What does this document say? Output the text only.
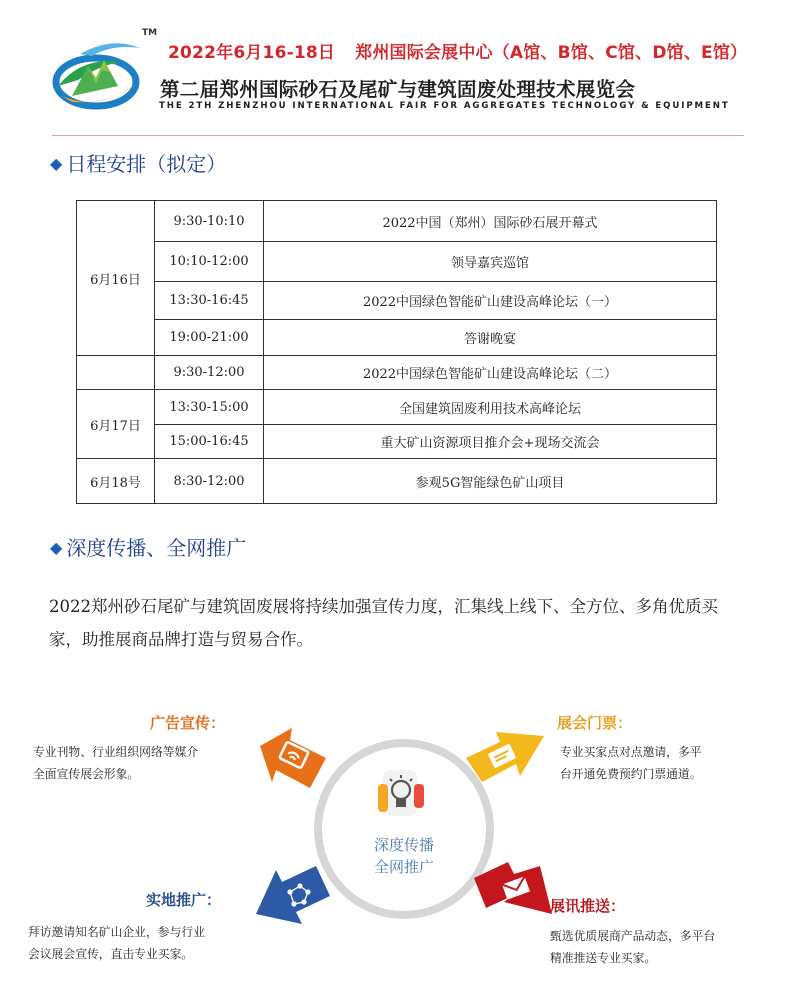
TM
2022年6月16-18日 郑州国际会展中心（A馆、B馆、C馆、D馆、E馆）
第二届郑州国际砂石及尾矿与建筑固废处理技术展览会
THE 2TH ZHENZHOU INTERNATIONAL FAIR FOR AGGREGATES TECHNOLOGY & EQUIPMENT
◆ 日程安排（拟定）
6月16日	9:30-10:10	2022中国（郑州）国际砂石展开幕式
	10:10-12:00	领导嘉宾巡馆
	13:30-16:45	2022中国绿色智能矿山建设高峰论坛（一）
	19:00-21:00	答谢晚宴
	9:30-12:00	2022中国绿色智能矿山建设高峰论坛（二）
6月17日	13:30-15:00	全国建筑固废利用技术高峰论坛
	15:00-16:45	重大矿山资源项目推介会+现场交流会
6月18号	8:30-12:00	参观5G智能绿色矿山项目
◆ 深度传播、全网推广
2022郑州砂石尾矿与建筑固废展将持续加强宣传力度，汇集线上线下、全方位、多角优质买家，助推展商品牌打造与贸易合作。
深度传播
全网推广
广告宣传：
专业刊物、行业组织网络等媒介
全面宣传展会形象。
展会门票：
专业买家点对点邀请，多平
台开通免费预约门票通道。
实地推广：
拜访邀请知名矿山企业，参与行业
会议展会宣传，直击专业买家。
展讯推送：
甄选优质展商产品动态，多平台
精准推送专业买家。
